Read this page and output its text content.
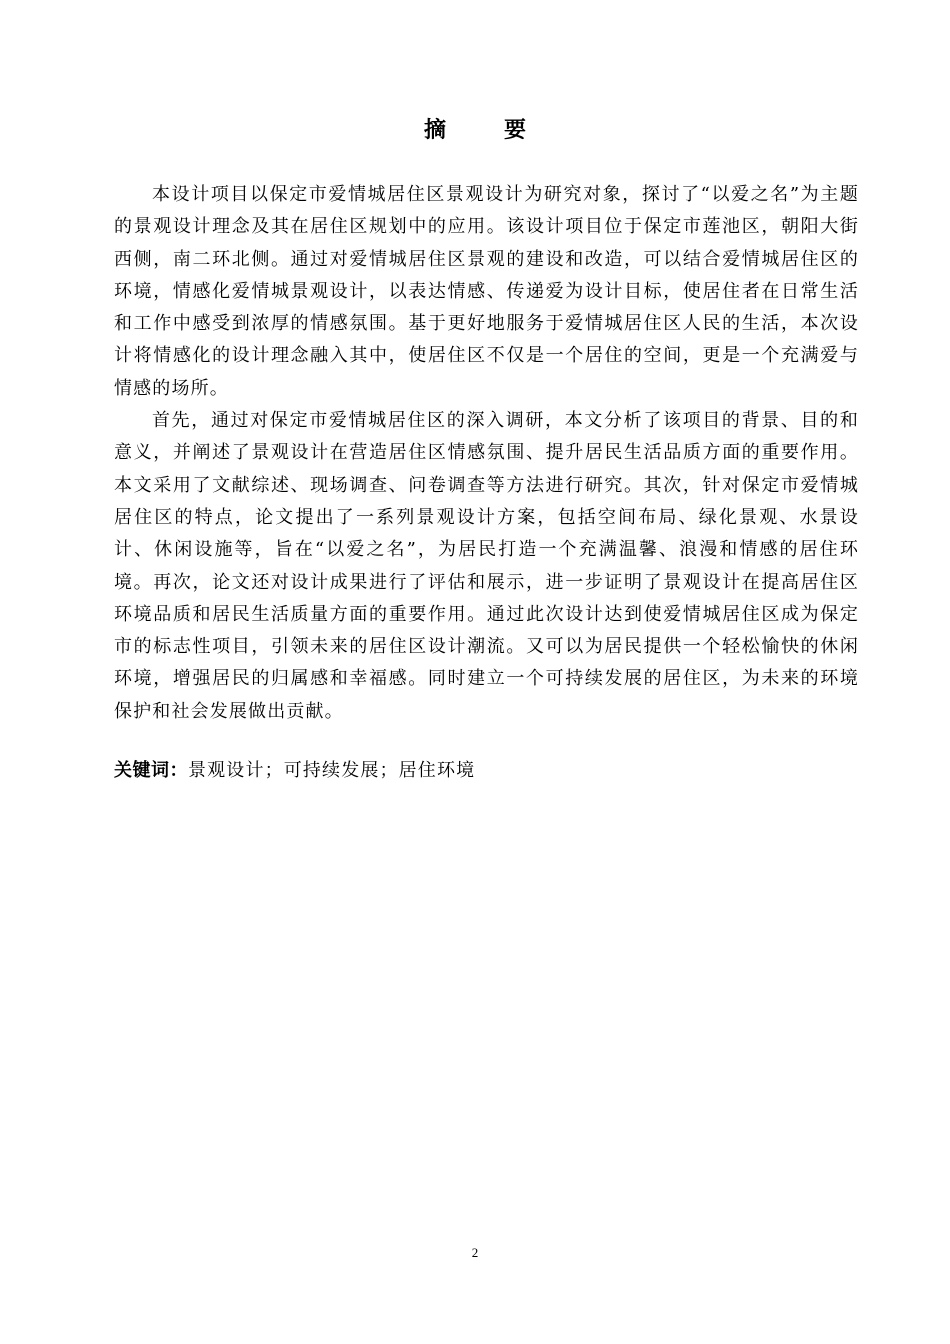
摘　要

本设计项目以保定市爱情城居住区景观设计为研究对象，探讨了“以爱之名”为主题的景观设计理念及其在居住区规划中的应用。该设计项目位于保定市莲池区，朝阳大街西侧，南二环北侧。通过对爱情城居住区景观的建设和改造，可以结合爱情城居住区的环境，情感化爱情城景观设计，以表达情感、传递爱为设计目标，使居住者在日常生活和工作中感受到浓厚的情感氛围。基于更好地服务于爱情城居住区人民的生活，本次设计将情感化的设计理念融入其中，使居住区不仅是一个居住的空间，更是一个充满爱与情感的场所。

首先，通过对保定市爱情城居住区的深入调研，本文分析了该项目的背景、目的和意义，并阐述了景观设计在营造居住区情感氛围、提升居民生活品质方面的重要作用。本文采用了文献综述、现场调查、问卷调查等方法进行研究。其次，针对保定市爱情城居住区的特点，论文提出了一系列景观设计方案，包括空间布局、绿化景观、水景设计、休闲设施等，旨在“以爱之名”，为居民打造一个充满温馨、浪漫和情感的居住环境。再次，论文还对设计成果进行了评估和展示，进一步证明了景观设计在提高居住区环境品质和居民生活质量方面的重要作用。通过此次设计达到使爱情城居住区成为保定市的标志性项目，引领未来的居住区设计潮流。又可以为居民提供一个轻松愉快的休闲环境，增强居民的归属感和幸福感。同时建立一个可持续发展的居住区，为未来的环境保护和社会发展做出贡献。

关键词：景观设计；可持续发展；居住环境
2
